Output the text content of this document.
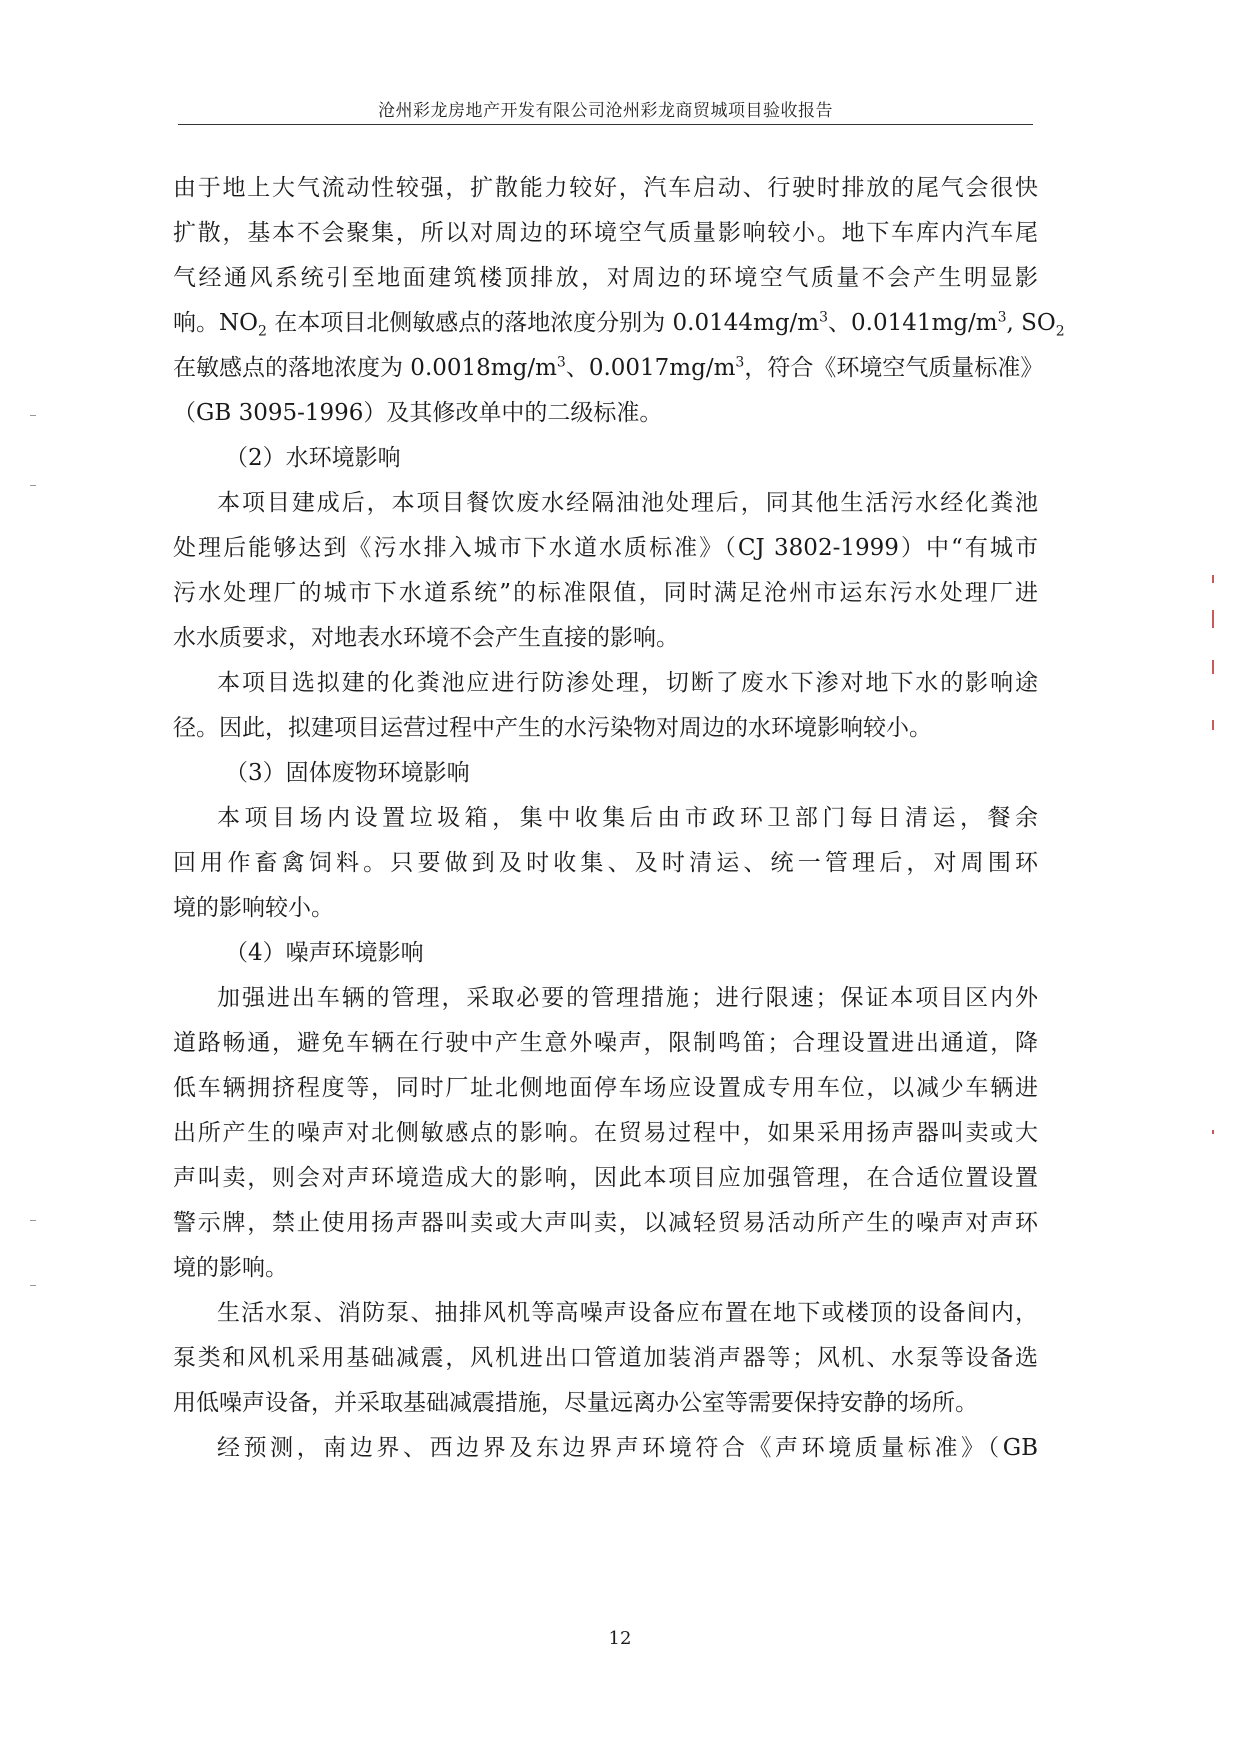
沧州彩龙房地产开发有限公司沧州彩龙商贸城项目验收报告
由于地上大气流动性较强，扩散能力较好，汽车启动、行驶时排放的尾气会很快
扩散，基本不会聚集，所以对周边的环境空气质量影响较小。地下车库内汽车尾
气经通风系统引至地面建筑楼顶排放，对周边的环境空气质量不会产生明显影
响。$NO_2$ 在本项目北侧敏感点的落地浓度分别为 $0.0144mg/m^3$、$0.0141mg/m^3$, $SO_2$
在敏感点的落地浓度为 $0.0018mg/m^3$、$0.0017mg/m^3$，符合《环境空气质量标准》
（GB 3095-1996）及其修改单中的二级标准。
（2）水环境影响
本项目建成后，本项目餐饮废水经隔油池处理后，同其他生活污水经化粪池
处理后能够达到《污水排入城市下水道水质标准》（CJ 3802-1999）中“有城市
污水处理厂的城市下水道系统”的标准限值，同时满足沧州市运东污水处理厂进
水水质要求，对地表水环境不会产生直接的影响。
本项目选拟建的化粪池应进行防渗处理，切断了废水下渗对地下水的影响途
径。因此，拟建项目运营过程中产生的水污染物对周边的水环境影响较小。
（3）固体废物环境影响
本项目场内设置垃圾箱，集中收集后由市政环卫部门每日清运，餐余
回用作畜禽饲料。只要做到及时收集、及时清运、统一管理后，对周围环
境的影响较小。
（4）噪声环境影响
加强进出车辆的管理，采取必要的管理措施；进行限速；保证本项目区内外
道路畅通，避免车辆在行驶中产生意外噪声，限制鸣笛；合理设置进出通道，降
低车辆拥挤程度等，同时厂址北侧地面停车场应设置成专用车位，以减少车辆进
出所产生的噪声对北侧敏感点的影响。在贸易过程中，如果采用扬声器叫卖或大
声叫卖，则会对声环境造成大的影响，因此本项目应加强管理，在合适位置设置
警示牌，禁止使用扬声器叫卖或大声叫卖，以减轻贸易活动所产生的噪声对声环
境的影响。
生活水泵、消防泵、抽排风机等高噪声设备应布置在地下或楼顶的设备间内，
泵类和风机采用基础减震，风机进出口管道加装消声器等；风机、水泵等设备选
用低噪声设备，并采取基础减震措施，尽量远离办公室等需要保持安静的场所。
经预测，南边界、西边界及东边界声环境符合《声环境质量标准》（GB
12
